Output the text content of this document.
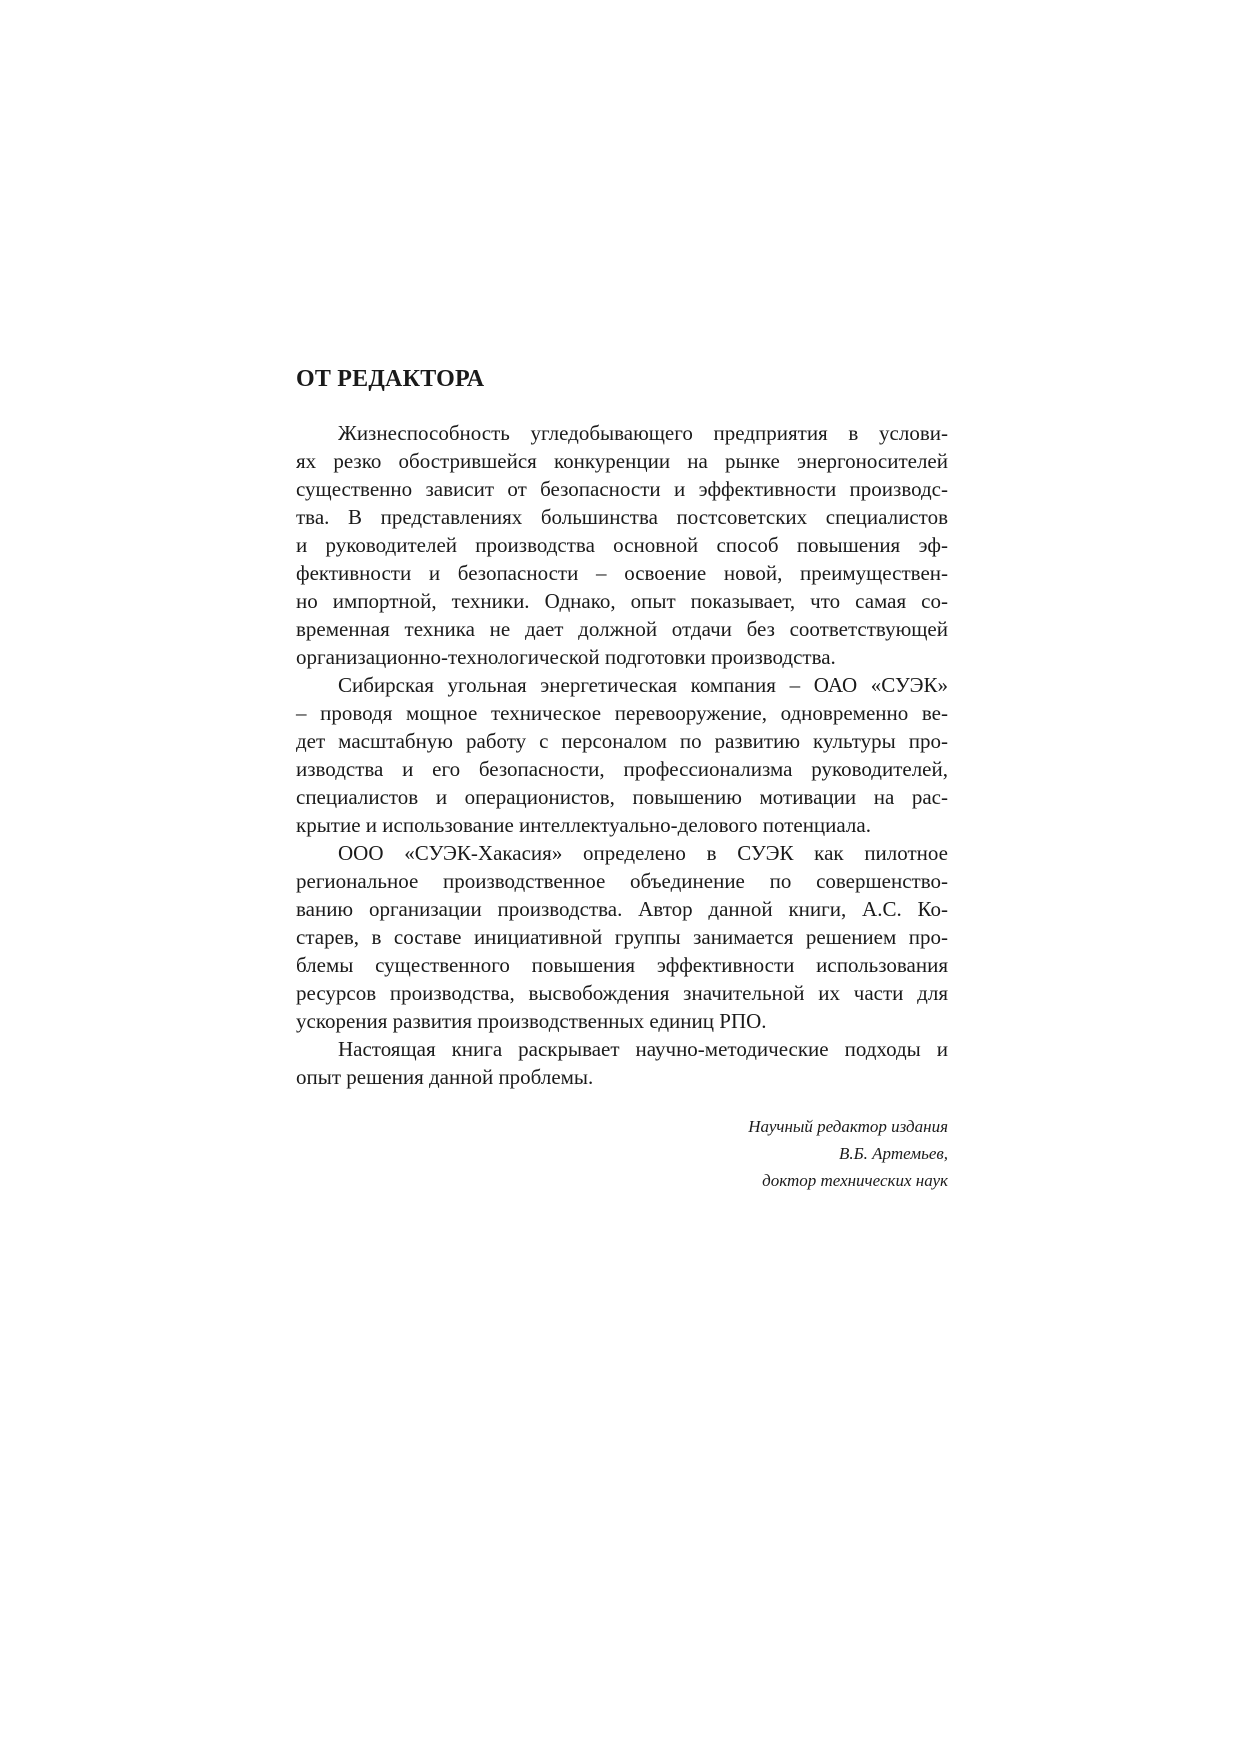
ОТ РЕДАКТОРА
Жизнеспособность угледобывающего предприятия в услови-
ях резко обострившейся конкуренции на рынке энергоносителей
существенно зависит от безопасности и эффективности производс-
тва. В представлениях большинства постсоветских специалистов
и руководителей производства основной способ повышения эф-
фективности и безопасности – освоение новой, преимуществен-
но импортной, техники. Однако, опыт показывает, что самая со-
временная техника не дает должной отдачи без соответствующей
организационно-технологической подготовки производства.
Сибирская угольная энергетическая компания – ОАО «СУЭК»
– проводя мощное техническое перевооружение, одновременно ве-
дет масштабную работу с персоналом по развитию культуры про-
изводства и его безопасности, профессионализма руководителей,
специалистов и операционистов, повышению мотивации на рас-
крытие и использование интеллектуально-делового потенциала.
ООО «СУЭК-Хакасия» определено в СУЭК как пилотное
региональное производственное объединение по совершенство-
ванию организации производства. Автор данной книги, А.С. Ко-
старев, в составе инициативной группы занимается решением про-
блемы существенного повышения эффективности использования
ресурсов производства, высвобождения значительной их части для
ускорения развития производственных единиц РПО.
Настоящая книга раскрывает научно-методические подходы и
опыт решения данной проблемы.
Научный редактор издания
В.Б. Артемьев,
доктор технических наук
